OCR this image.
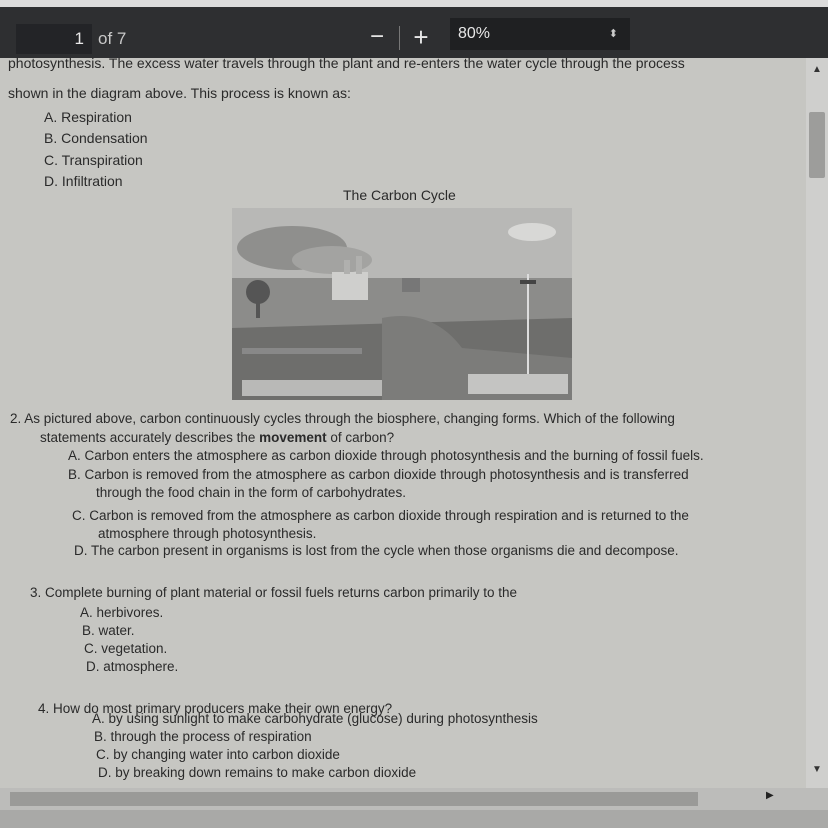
1 of 7	− +	80%	⬍
photosynthesis. The excess water travels through the plant and re-enters the water cycle through the process
shown in the diagram above. This process is known as:
A. Respiration
B. Condensation
C. Transpiration
D. Infiltration
The Carbon Cycle
2. As pictured above, carbon continuously cycles through the biosphere, changing forms. Which of the following
statements accurately describes the movement of carbon?
A. Carbon enters the atmosphere as carbon dioxide through photosynthesis and the burning of fossil fuels.
B. Carbon is removed from the atmosphere as carbon dioxide through photosynthesis and is transferred
through the food chain in the form of carbohydrates.
C. Carbon is removed from the atmosphere as carbon dioxide through respiration and is returned to the
atmosphere through photosynthesis.
D. The carbon present in organisms is lost from the cycle when those organisms die and decompose.
3. Complete burning of plant material or fossil fuels returns carbon primarily to the
A. herbivores.
B. water.
C. vegetation.
D. atmosphere.
4. How do most primary producers make their own energy?
A. by using sunlight to make carbohydrate (glucose) during photosynthesis
B. through the process of respiration
C. by changing water into carbon dioxide
D. by breaking down remains to make carbon dioxide
▲
▼
▶
